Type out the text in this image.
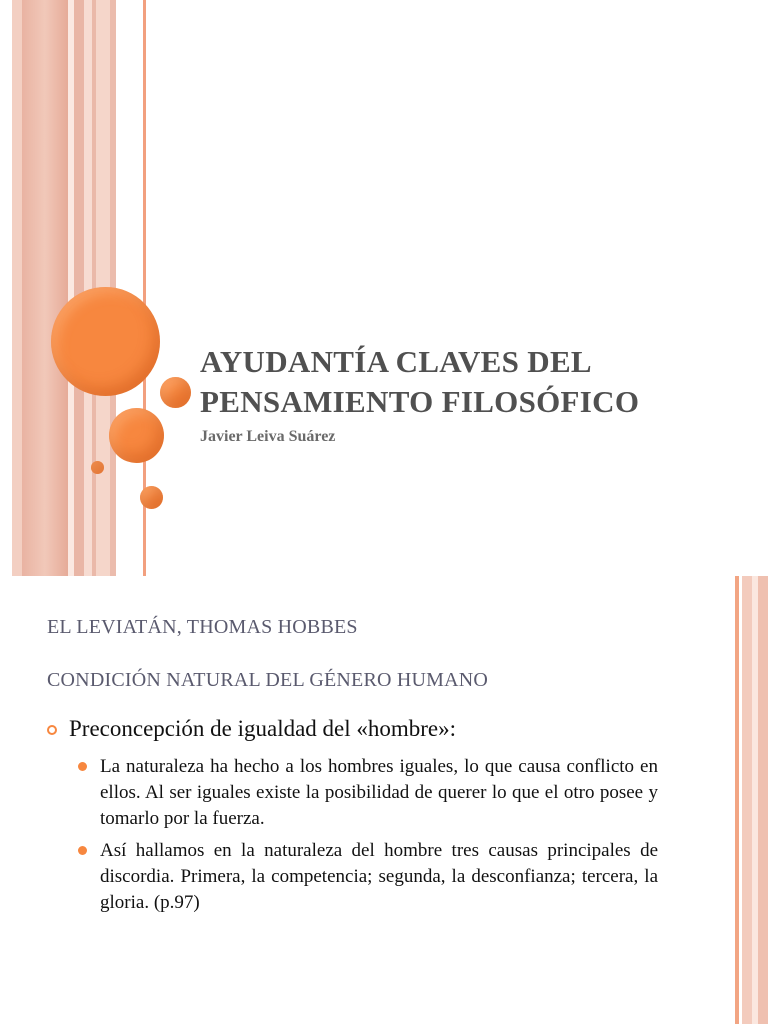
AYUDANTÍA CLAVES DEL
PENSAMIENTO FILOSÓFICO
Javier Leiva Suárez
EL LEVIATÁN, THOMAS HOBBES
CONDICIÓN NATURAL DEL GÉNERO HUMANO
Preconcepción de igualdad del «hombre»:
La naturaleza ha hecho a los hombres iguales, lo que causa conflicto en ellos. Al ser iguales existe la posibilidad de querer lo que el otro posee y tomarlo por la fuerza.
Así hallamos en la naturaleza del hombre tres causas principales de discordia. Primera, la competencia; segunda, la desconfianza; tercera, la gloria. (p.97)
